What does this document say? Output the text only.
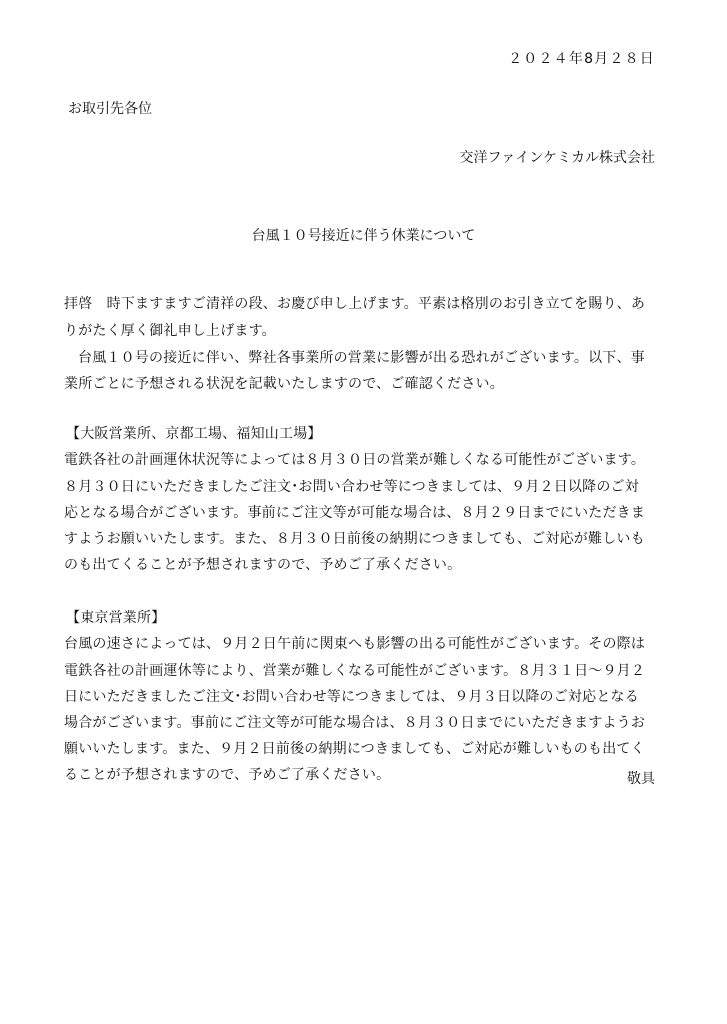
２０２４年8月２８日
お取引先各位
交洋ファインケミカル株式会社
台風１０号接近に伴う休業について
拝啓　時下ますますご清祥の段、お慶び申し上げます。平素は格別のお引き立てを賜り、あ
りがたく厚く御礼申し上げます。
台風１０号の接近に伴い、弊社各事業所の営業に影響が出る恐れがございます。以下、事
業所ごとに予想される状況を記載いたしますので、ご確認ください。
【大阪営業所、京都工場、福知山工場】
電鉄各社の計画運休状況等によっては８月３０日の営業が難しくなる可能性がございます。
８月３０日にいただきましたご注文･お問い合わせ等につきましては、９月２日以降のご対
応となる場合がございます。事前にご注文等が可能な場合は、８月２９日までにいただきま
すようお願いいたします。また、８月３０日前後の納期につきましても、ご対応が難しいも
のも出てくることが予想されますので、予めご了承ください。
【東京営業所】
台風の速さによっては、９月２日午前に関東へも影響の出る可能性がございます。その際は
電鉄各社の計画運休等により、営業が難しくなる可能性がございます。８月３１日～９月２
日にいただきましたご注文･お問い合わせ等につきましては、９月３日以降のご対応となる
場合がございます。事前にご注文等が可能な場合は、８月３０日までにいただきますようお
願いいたします。また、９月２日前後の納期につきましても、ご対応が難しいものも出てく
ることが予想されますので、予めご了承ください。	敬具
